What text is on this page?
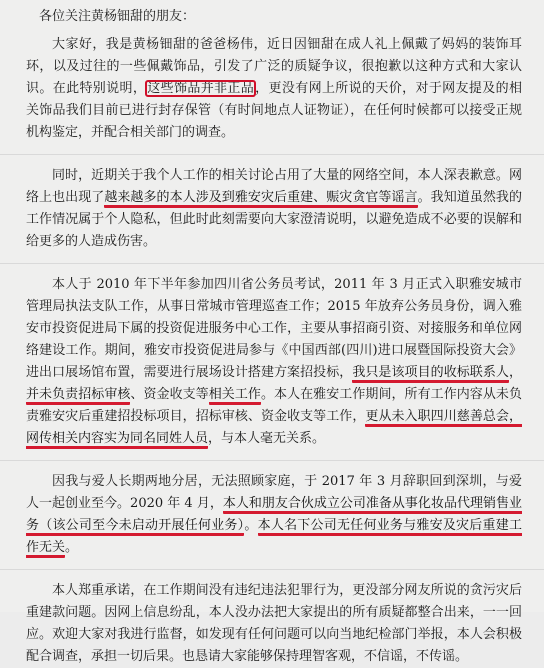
各位关注黄杨钿甜的朋友：

大家好，我是黄杨钿甜的爸爸杨伟，近日因钿甜在成人礼上佩戴了妈妈的装饰耳环，以及过往的一些佩戴饰品，引发了广泛的质疑争议，很抱歉以这种方式和大家认识。在此特别说明，这些饰品并非正品，更没有网上所说的天价，对于网友提及的相关饰品我们目前已进行封存保管（有时间地点人证物证），在任何时候都可以接受正规机构鉴定，并配合相关部门的调查。

同时，近期关于我个人工作的相关讨论占用了大量的网络空间，本人深表歉意。网络上也出现了越来越多的本人涉及到雅安灾后重建、赈灾贪官等谣言。我知道虽然我的工作情况属于个人隐私，但此时此刻需要向大家澄清说明，以避免造成不必要的误解和给更多的人造成伤害。

本人于 2010 年下半年参加四川省公务员考试，2011 年 3 月正式入职雅安城市管理局执法支队工作，从事日常城市管理巡查工作；2015 年放弃公务员身份，调入雅安市投资促进局下属的投资促进服务中心工作，主要从事招商引资、对接服务和单位网络建设工作。期间，雅安市投资促进局参与《中国西部(四川)进口展暨国际投资大会》进出口展场馆布置，需要进行展场设计搭建方案招投标，我只是该项目的收标联系人，并未负责招标审核、资金收支等相关工作。本人在雅安工作期间，所有工作内容从未负责雅安灾后重建招投标项目，招标审核、资金收支等工作，更从未入职四川慈善总会，网传相关内容实为同名同姓人员，与本人毫无关系。

因我与爱人长期两地分居，无法照顾家庭，于 2017 年 3 月辞职回到深圳，与爱人一起创业至今。2020 年 4 月，本人和朋友合伙成立公司准备从事化妆品代理销售业务（该公司至今未启动开展任何业务）。本人名下公司无任何业务与雅安及灾后重建工作无关。

本人郑重承诺，在工作期间没有违纪违法犯罪行为，更没部分网友所说的贪污灾后重建款问题。因网上信息纷乱，本人没办法把大家提出的所有质疑都整合出来，一一回应。欢迎大家对我进行监督，如发现有任何问题可以向当地纪检部门举报，本人会积极配合调查，承担一切后果。也恳请大家能够保持理智客观，不信谣，不传谣。
